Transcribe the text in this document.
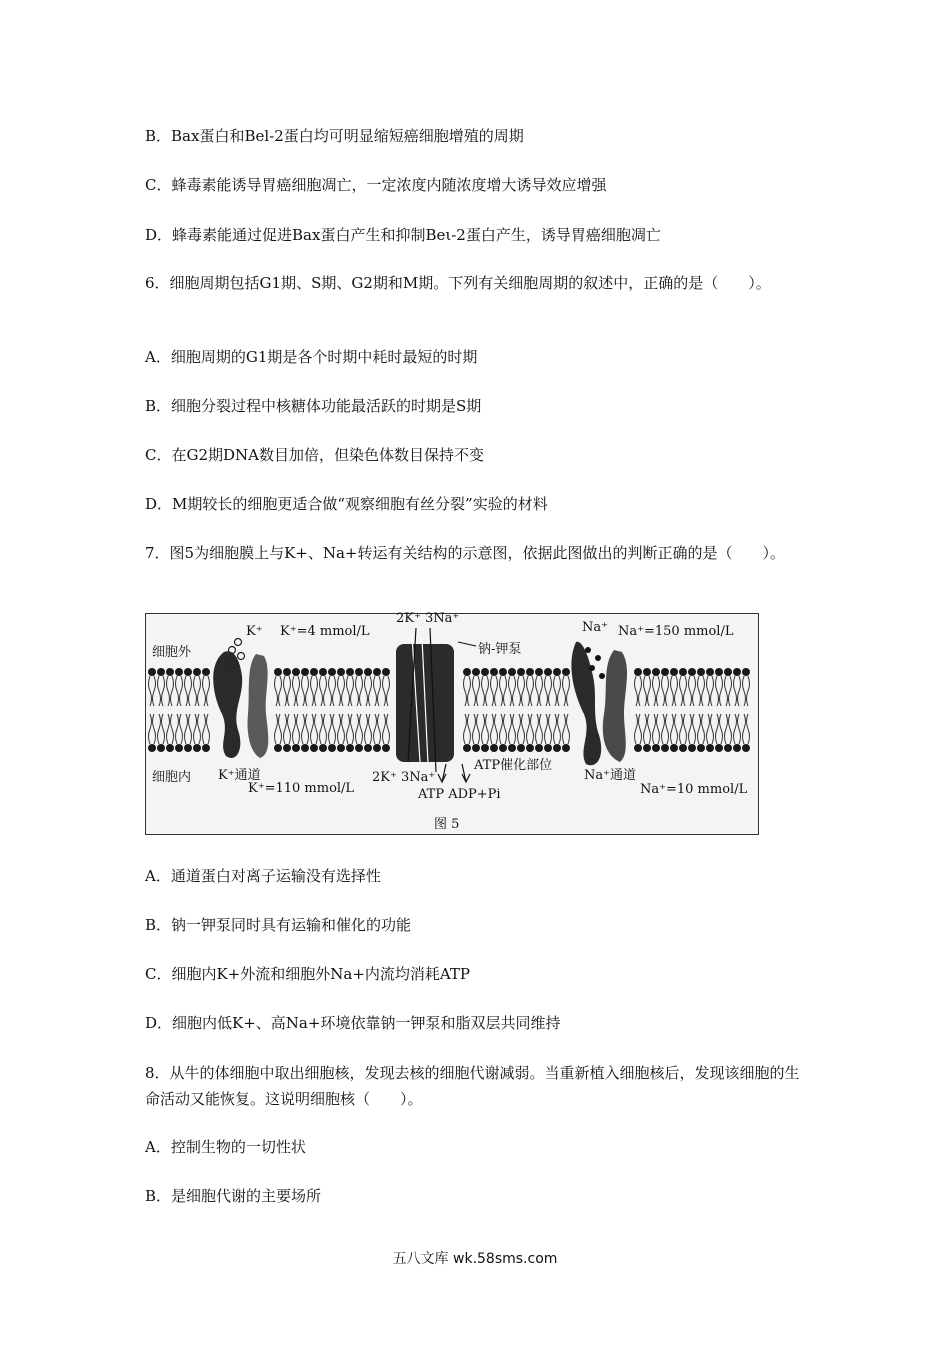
B．Bax蛋白和Bel-2蛋白均可明显缩短癌细胞增殖的周期
C．蜂毒素能诱导胃癌细胞凋亡，一定浓度内随浓度增大诱导效应增强
D．蜂毒素能通过促进Bax蛋白产生和抑制Beι-2蛋白产生，诱导胃癌细胞凋亡
6．细胞周期包括G1期、S期、G2期和M期。下列有关细胞周期的叙述中，正确的是（　　）。
A．细胞周期的G1期是各个时期中耗时最短的时期
B．细胞分裂过程中核糖体功能最活跃的时期是S期
C．在G2期DNA数目加倍，但染色体数目保持不变
D．M期较长的细胞更适合做“观察细胞有丝分裂”实验的材料
7．图5为细胞膜上与K+、Na+转运有关结构的示意图，依据此图做出的判断正确的是（　　）。
细胞外
细胞内
K⁺ K⁺=4 mmol/L
2K⁺ 3Na⁺
钠-钾泵
Na⁺ Na⁺=150 mmol/L
K⁺通道
K⁺=110 mmol/L
2K⁺ 3Na⁺
ATP催化部位
ATP ADP+Pi
Na⁺通道
Na⁺=10 mmol/L
图 5
A．通道蛋白对离子运输没有选择性
B．钠一钾泵同时具有运输和催化的功能
C．细胞内K+外流和细胞外Na+内流均消耗ATP
D．细胞内低K+、高Na+环境依靠钠一钾泵和脂双层共同维持
8．从牛的体细胞中取出细胞核，发现去核的细胞代谢减弱。当重新植入细胞核后，发现该细胞的生命活动又能恢复。这说明细胞核（　　）。
A．控制生物的一切性状
B．是细胞代谢的主要场所
五八文库 wk.58sms.com
